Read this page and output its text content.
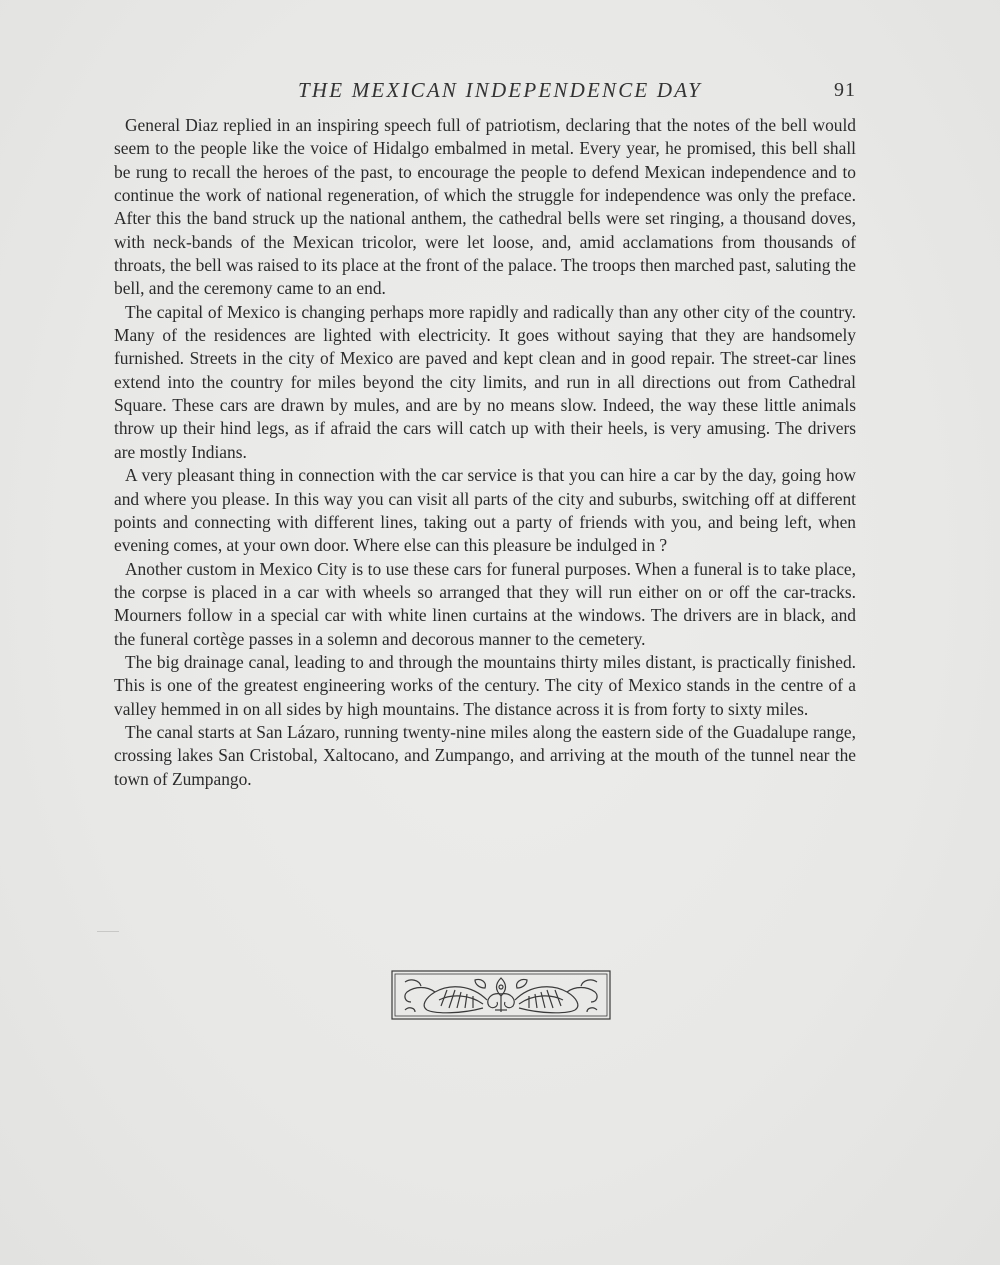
THE MEXICAN INDEPENDENCE DAY	91

General Diaz replied in an inspiring speech full of patriotism, declaring that the notes of the bell would seem to the people like the voice of Hidalgo embalmed in metal. Every year, he promised, this bell shall be rung to recall the heroes of the past, to encourage the people to defend Mexican independence and to continue the work of national regeneration, of which the struggle for independence was only the preface. After this the band struck up the national anthem, the cathedral bells were set ringing, a thousand doves, with neck-bands of the Mexican tricolor, were let loose, and, amid acclamations from thousands of throats, the bell was raised to its place at the front of the palace. The troops then marched past, saluting the bell, and the ceremony came to an end.

The capital of Mexico is changing perhaps more rapidly and radically than any other city of the country. Many of the residences are lighted with electricity. It goes without saying that they are handsomely furnished. Streets in the city of Mexico are paved and kept clean and in good repair. The street-car lines extend into the country for miles beyond the city limits, and run in all directions out from Cathedral Square. These cars are drawn by mules, and are by no means slow. Indeed, the way these little animals throw up their hind legs, as if afraid the cars will catch up with their heels, is very amusing. The drivers are mostly Indians.

A very pleasant thing in connection with the car service is that you can hire a car by the day, going how and where you please. In this way you can visit all parts of the city and suburbs, switching off at different points and connecting with different lines, taking out a party of friends with you, and being left, when evening comes, at your own door. Where else can this pleasure be indulged in ?

Another custom in Mexico City is to use these cars for funeral purposes. When a funeral is to take place, the corpse is placed in a car with wheels so arranged that they will run either on or off the car-tracks. Mourners follow in a special car with white linen curtains at the windows. The drivers are in black, and the funeral cortège passes in a solemn and decorous manner to the cemetery.

The big drainage canal, leading to and through the mountains thirty miles distant, is practically finished. This is one of the greatest engineering works of the century. The city of Mexico stands in the centre of a valley hemmed in on all sides by high mountains. The distance across it is from forty to sixty miles.

The canal starts at San Lázaro, running twenty-nine miles along the eastern side of the Guadalupe range, crossing lakes San Cristobal, Xaltocano, and Zumpango, and arriving at the mouth of the tunnel near the town of Zumpango.
